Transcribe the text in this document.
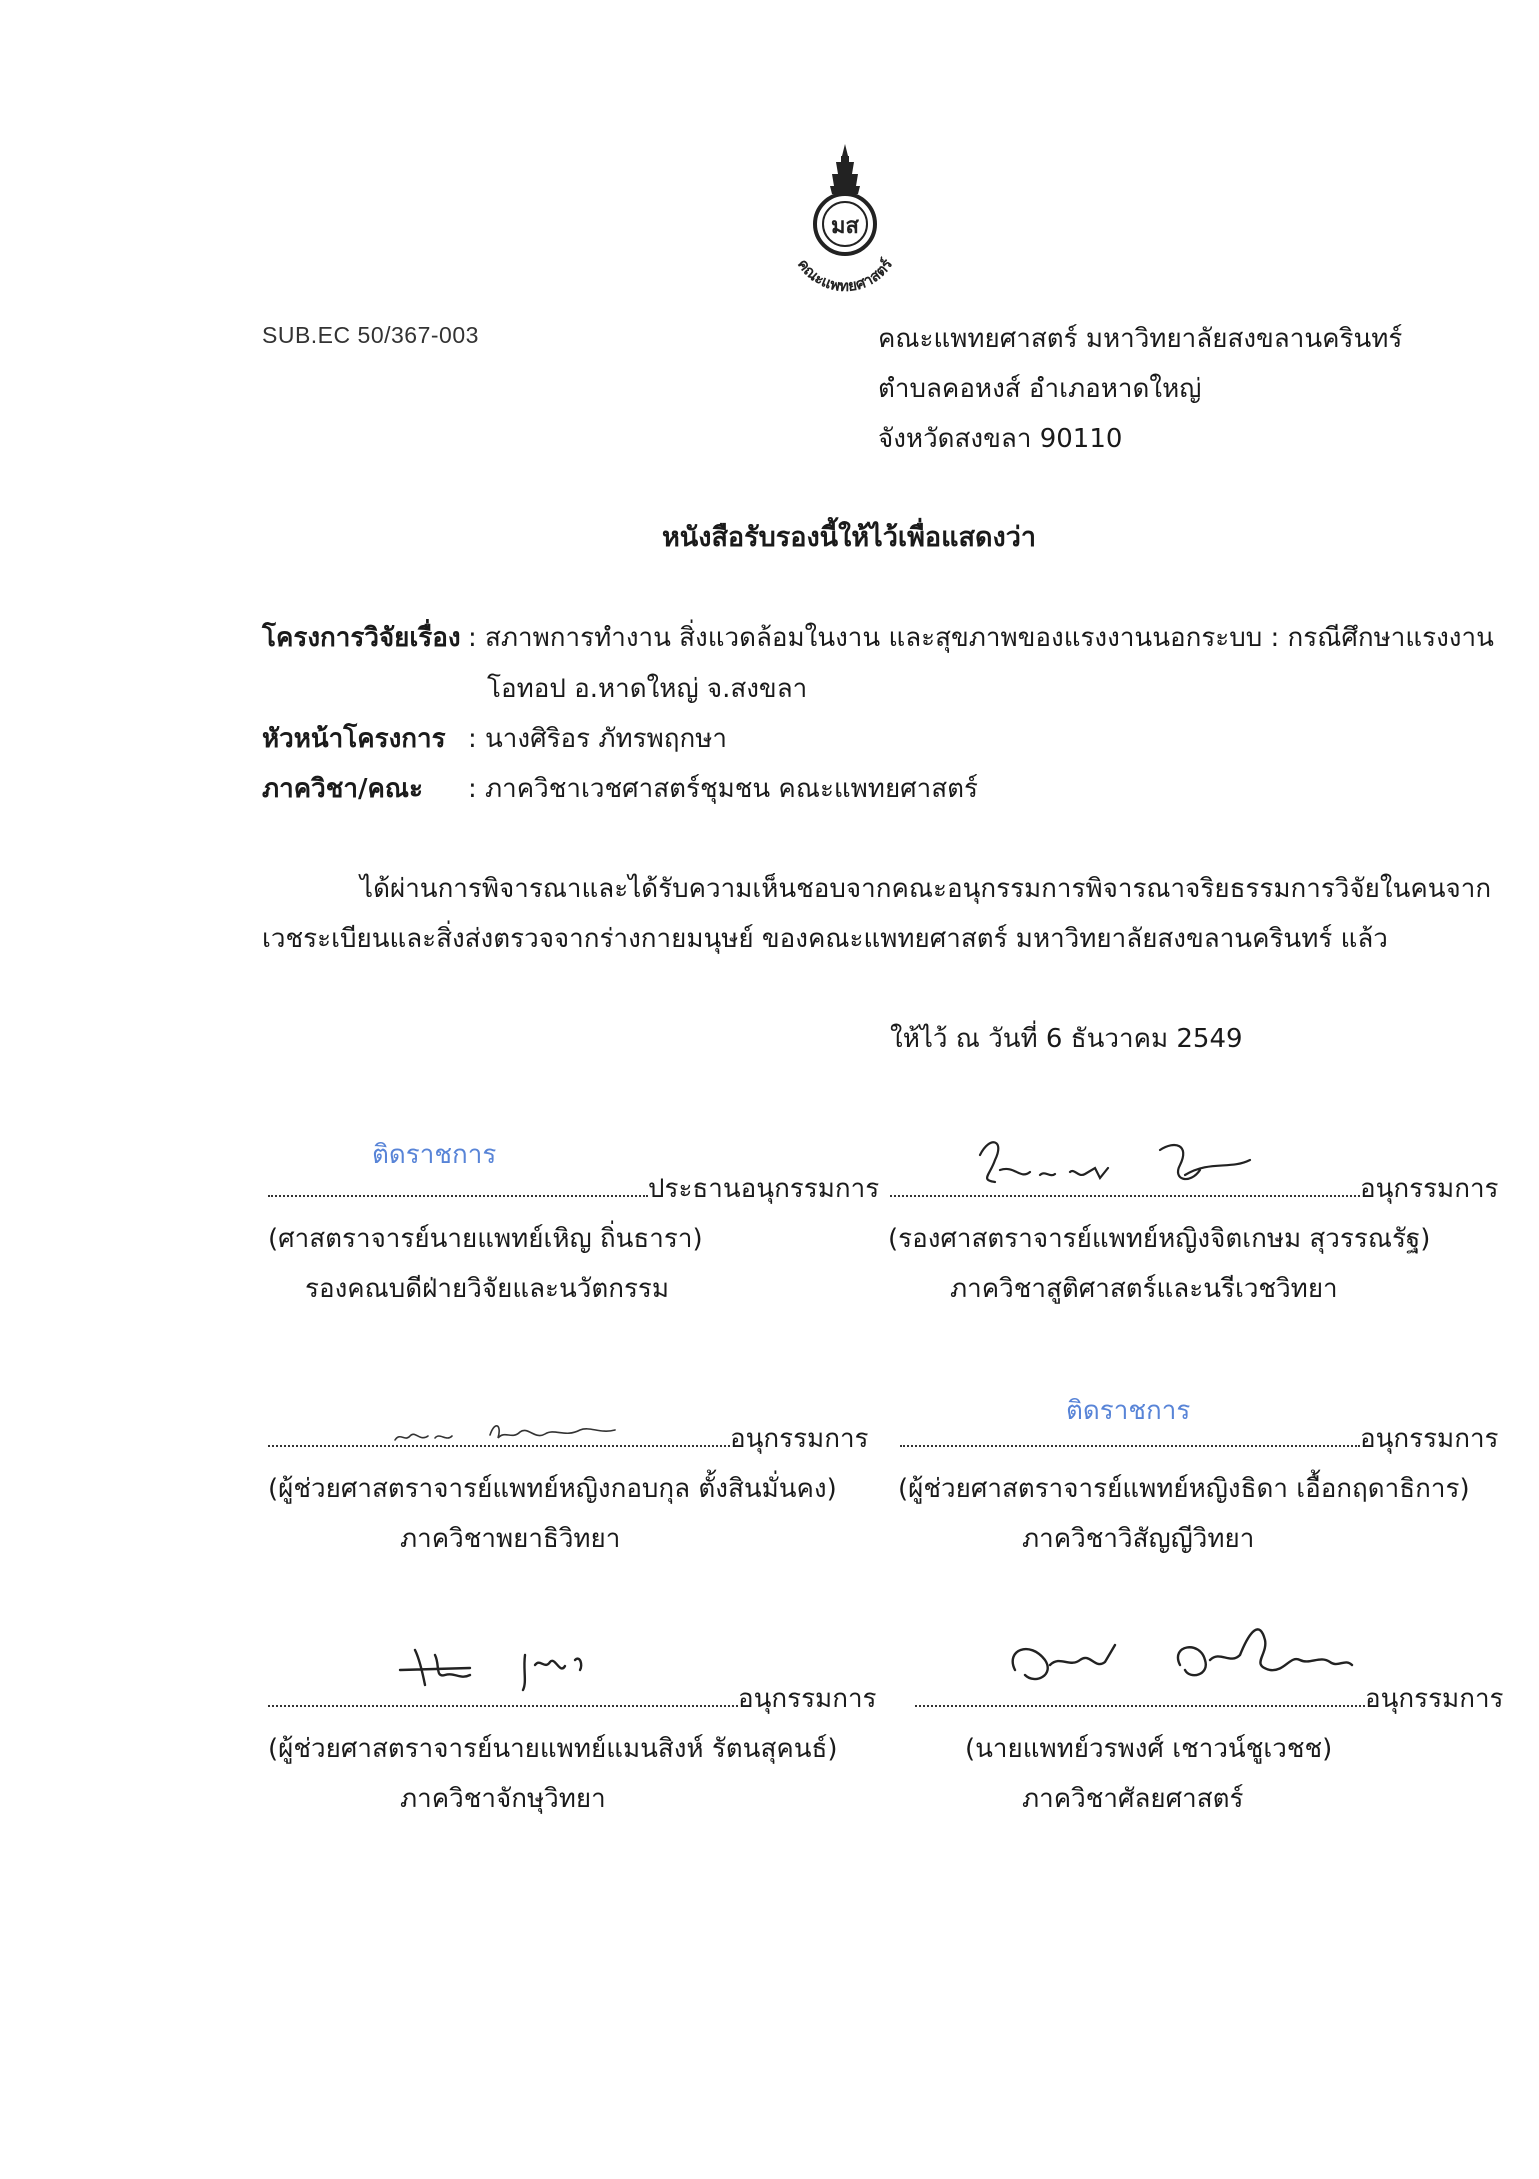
มส
คณะแพทยศาสตร์
SUB.EC 50/367-003	คณะแพทยศาสตร์ มหาวิทยาลัยสงขลานครินทร์
ตำบลคอหงส์ อำเภอหาดใหญ่
จังหวัดสงขลา 90110
หนังสือรับรองนี้ให้ไว้เพื่อแสดงว่า
โครงการวิจัยเรื่อง : สภาพการทำงาน สิ่งแวดล้อมในงาน และสุขภาพของแรงงานนอกระบบ : กรณีศึกษาแรงงาน
โอทอป อ.หาดใหญ่ จ.สงขลา
หัวหน้าโครงการ : นางศิริอร ภัทรพฤกษา
ภาควิชา/คณะ : ภาควิชาเวชศาสตร์ชุมชน คณะแพทยศาสตร์
ได้ผ่านการพิจารณาและได้รับความเห็นชอบจากคณะอนุกรรมการพิจารณาจริยธรรมการวิจัยในคนจาก
เวชระเบียนและสิ่งส่งตรวจจากร่างกายมนุษย์ ของคณะแพทยศาสตร์ มหาวิทยาลัยสงขลานครินทร์ แล้ว
ให้ไว้ ณ วันที่ 6 ธันวาคม 2549
ติดราชการ
ประธานอนุกรรมการ
(ศาสตราจารย์นายแพทย์เหิญ ถิ่นธารา)
รองคณบดีฝ่ายวิจัยและนวัตกรรม
อนุกรรมการ
(รองศาสตราจารย์แพทย์หญิงจิตเกษม สุวรรณรัฐ)
ภาควิชาสูติศาสตร์และนรีเวชวิทยา
อนุกรรมการ
(ผู้ช่วยศาสตราจารย์แพทย์หญิงกอบกุล ตั้งสินมั่นคง)
ภาควิชาพยาธิวิทยา
ติดราชการ
อนุกรรมการ
(ผู้ช่วยศาสตราจารย์แพทย์หญิงธิดา เอื้อกฤดาธิการ)
ภาควิชาวิสัญญีวิทยา
อนุกรรมการ
(ผู้ช่วยศาสตราจารย์นายแพทย์แมนสิงห์ รัตนสุคนธ์)
ภาควิชาจักษุวิทยา
อนุกรรมการ
(นายแพทย์วรพงศ์ เชาวน์ชูเวชช)
ภาควิชาศัลยศาสตร์
